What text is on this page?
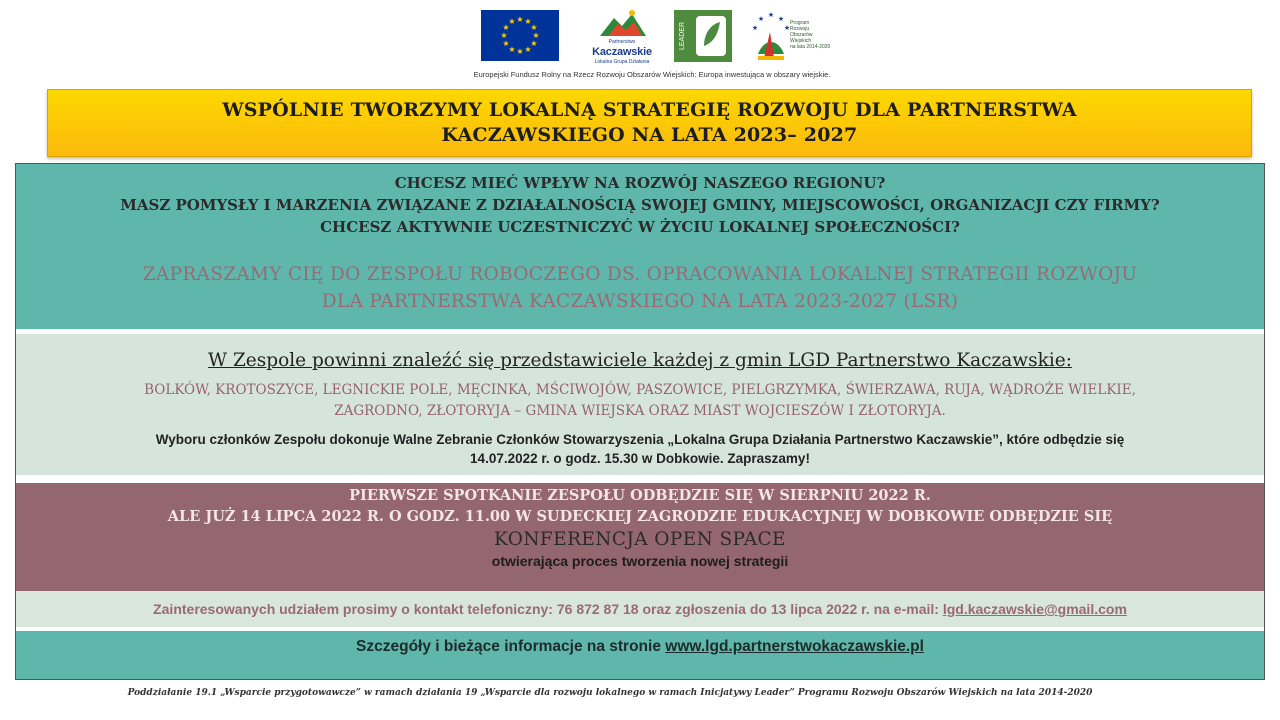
★ ★
★
★
★
★
★
★
★
★
★
★
Partnerstwo
Kaczawskie
Lokalna Grupa Działania
LEADER
★ ★
★
★
★
Program
Rozwoju
Obszarów
Wiejskich
na lata 2014-2020
Europejski Fundusz Rolny na Rzecz Rozwoju Obszarów Wiejskich: Europa inwestująca w obszary wiejskie.
WSPÓLNIE TWORZYMY LOKALNĄ STRATEGIĘ ROZWOJU DLA PARTNERSTWA
KACZAWSKIEGO NA LATA 2023– 2027
CHCESZ MIEĆ WPŁYW NA ROZWÓJ NASZEGO REGIONU?
MASZ POMYSŁY I MARZENIA ZWIĄZANE Z DZIAŁALNOŚCIĄ SWOJEJ GMINY, MIEJSCOWOŚCI, ORGANIZACJI CZY FIRMY?
CHCESZ AKTYWNIE UCZESTNICZYĆ W ŻYCIU LOKALNEJ SPOŁECZNOŚCI?
ZAPRASZAMY CIĘ DO ZESPOŁU ROBOCZEGO DS. OPRACOWANIA LOKALNEJ STRATEGII ROZWOJU
DLA PARTNERSTWA KACZAWSKIEGO NA LATA 2023-2027 (LSR)
W Zespole powinni znaleźć się przedstawiciele każdej z gmin LGD Partnerstwo Kaczawskie:
BOLKÓW, KROTOSZYCE, LEGNICKIE POLE, MĘCINKA, MŚCIWOJÓW, PASZOWICE, PIELGRZYMKA, ŚWIERZAWA, RUJA, WĄDROŻE WIELKIE,
ZAGRODNO, ZŁOTORYJA – GMINA WIEJSKA ORAZ MIAST WOJCIESZÓW I ZŁOTORYJA.
Wyboru członków Zespołu dokonuje Walne Zebranie Członków Stowarzyszenia „Lokalna Grupa Działania Partnerstwo Kaczawskie”, które odbędzie się
14.07.2022 r. o godz. 15.30 w Dobkowie. Zapraszamy!
PIERWSZE SPOTKANIE ZESPOŁU ODBĘDZIE SIĘ W SIERPNIU 2022 R.
ALE JUŻ 14 LIPCA 2022 R. O GODZ. 11.00 W SUDECKIEJ ZAGRODZIE EDUKACYJNEJ W DOBKOWIE ODBĘDZIE SIĘ
KONFERENCJA OPEN SPACE
otwierająca proces tworzenia nowej strategii
Zainteresowanych udziałem prosimy o kontakt telefoniczny: 76 872 87 18 oraz zgłoszenia do 13 lipca 2022 r. na e-mail: lgd.kaczawskie@gmail.com
Szczegóły i bieżące informacje na stronie www.lgd.partnerstwokaczawskie.pl
Poddziałanie 19.1 „Wsparcie przygotowawcze” w ramach działania 19 „Wsparcie dla rozwoju lokalnego w ramach Inicjatywy Leader” Programu Rozwoju Obszarów Wiejskich na lata 2014-2020
